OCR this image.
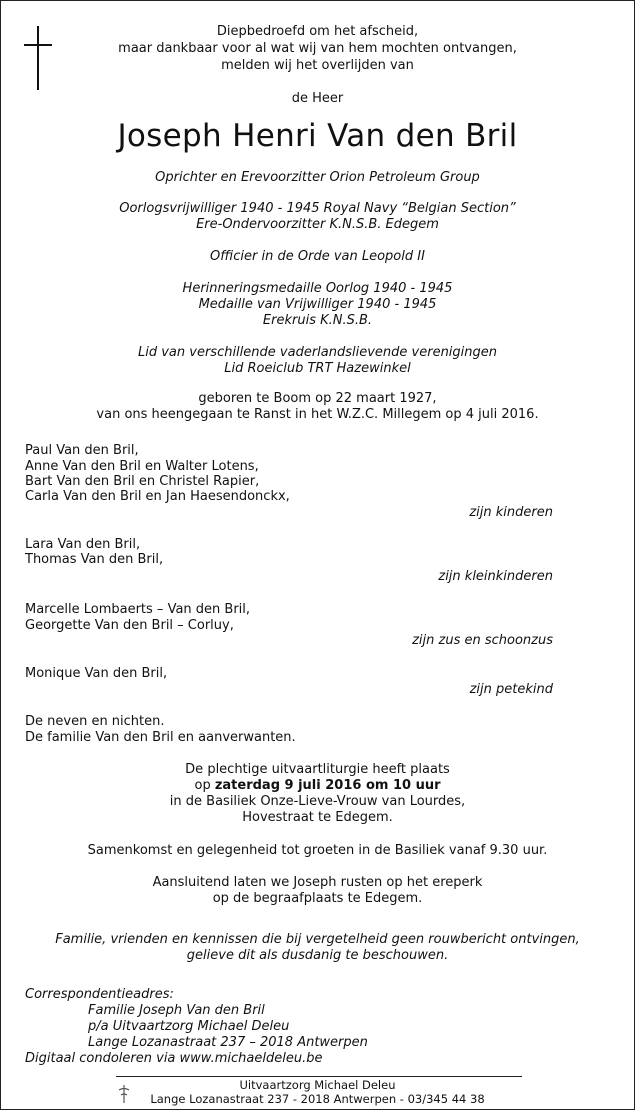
Diepbedroefd om het afscheid,
maar dankbaar voor al wat wij van hem mochten ontvangen,
melden wij het overlijden van
de Heer
Joseph Henri Van den Bril
Oprichter en Erevoorzitter Orion Petroleum Group
Oorlogsvrijwilliger 1940 - 1945 Royal Navy “Belgian Section”
Ere-Ondervoorzitter K.N.S.B. Edegem
Officier in de Orde van Leopold II
Herinneringsmedaille Oorlog 1940 - 1945
Medaille van Vrijwilliger 1940 - 1945
Erekruis K.N.S.B.
Lid van verschillende vaderlandslievende verenigingen
Lid Roeiclub TRT Hazewinkel
geboren te Boom op 22 maart 1927,
van ons heengegaan te Ranst in het W.Z.C. Millegem op 4 juli 2016.
Paul Van den Bril,
Anne Van den Bril en Walter Lotens,
Bart Van den Bril en Christel Rapier,
Carla Van den Bril en Jan Haesendonckx,
zijn kinderen
Lara Van den Bril,
Thomas Van den Bril,
zijn kleinkinderen
Marcelle Lombaerts – Van den Bril,
Georgette Van den Bril – Corluy,
zijn zus en schoonzus
Monique Van den Bril,
zijn petekind
De neven en nichten.
De familie Van den Bril en aanverwanten.
De plechtige uitvaartliturgie heeft plaats
op zaterdag 9 juli 2016 om 10 uur
in de Basiliek Onze-Lieve-Vrouw van Lourdes,
Hovestraat te Edegem.
Samenkomst en gelegenheid tot groeten in de Basiliek vanaf 9.30 uur.
Aansluitend laten we Joseph rusten op het ereperk
op de begraafplaats te Edegem.
Familie, vrienden en kennissen die bij vergetelheid geen rouwbericht ontvingen,
gelieve dit als dusdanig te beschouwen.
Correspondentieadres:
Familie Joseph Van den Bril
p/a Uitvaartzorg Michael Deleu
Lange Lozanastraat 237 – 2018 Antwerpen
Digitaal condoleren via www.michaeldeleu.be
Uitvaartzorg Michael Deleu
Lange Lozanastraat 237 - 2018 Antwerpen - 03/345 44 38
